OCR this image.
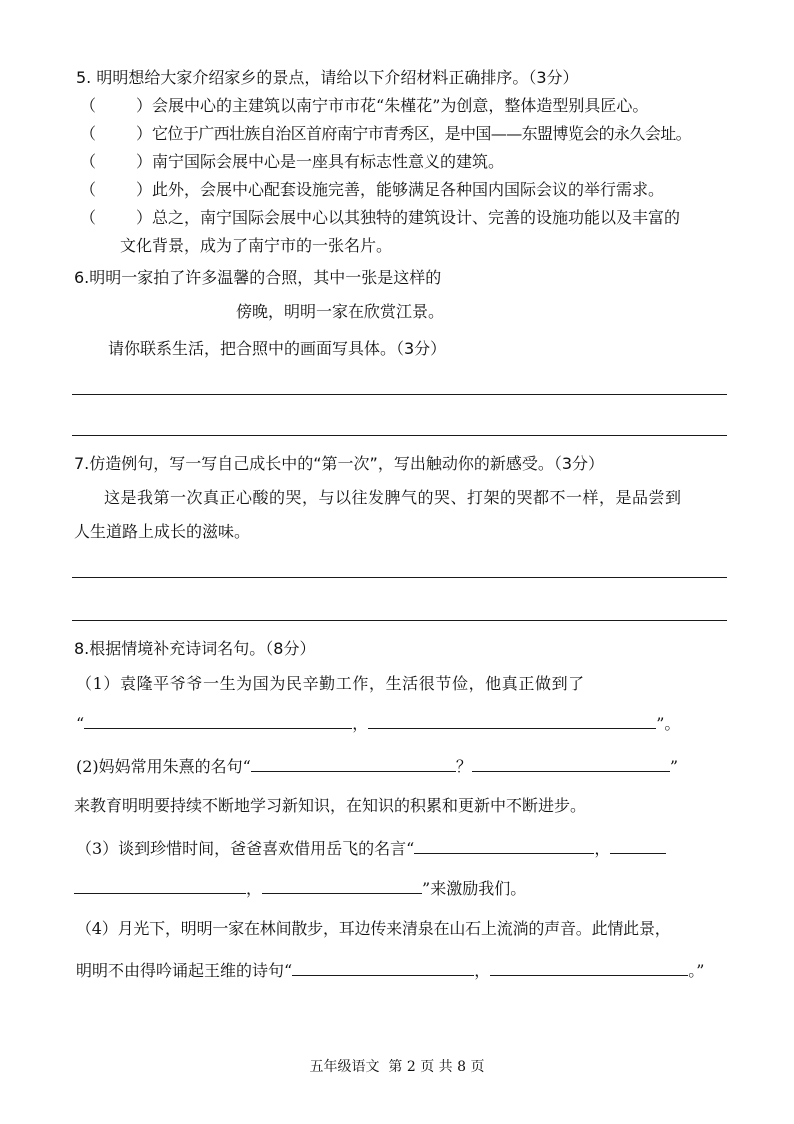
5. 明明想给大家介绍家乡的景点，请给以下介绍材料正确排序。（3分）
（	）会展中心的主建筑以南宁市市花“朱槿花”为创意，整体造型别具匠心。
（	）它位于广西壮族自治区首府南宁市青秀区，是中国——东盟博览会的永久会址。
（	）南宁国际会展中心是一座具有标志性意义的建筑。
（	）此外，会展中心配套设施完善，能够满足各种国内国际会议的举行需求。
（	）总之，南宁国际会展中心以其独特的建筑设计、完善的设施功能以及丰富的
文化背景，成为了南宁市的一张名片。
6.明明一家拍了许多温馨的合照，其中一张是这样的
傍晚，明明一家在欣赏江景。
请你联系生活，把合照中的画面写具体。（3分）
7.仿造例句，写一写自己成长中的“第一次”，写出触动你的新感受。（3分）
这是我第一次真正心酸的哭，与以往发脾气的哭、打架的哭都不一样，是品尝到
人生道路上成长的滋味。
8.根据情境补充诗词名句。（8分）
（1）袁隆平爷爷一生为国为民辛勤工作，生活很节俭，他真正做到了
“	，	”。
(2)妈妈常用朱熹的名句“	？	”
来教育明明要持续不断地学习新知识，在知识的积累和更新中不断进步。
（3）谈到珍惜时间，爸爸喜欢借用岳飞的名言“	，
，	”来激励我们。
（4）月光下，明明一家在林间散步，耳边传来清泉在山石上流淌的声音。此情此景，
明明不由得吟诵起王维的诗句“	，	。”
五年级语文 第 2 页 共 8 页
